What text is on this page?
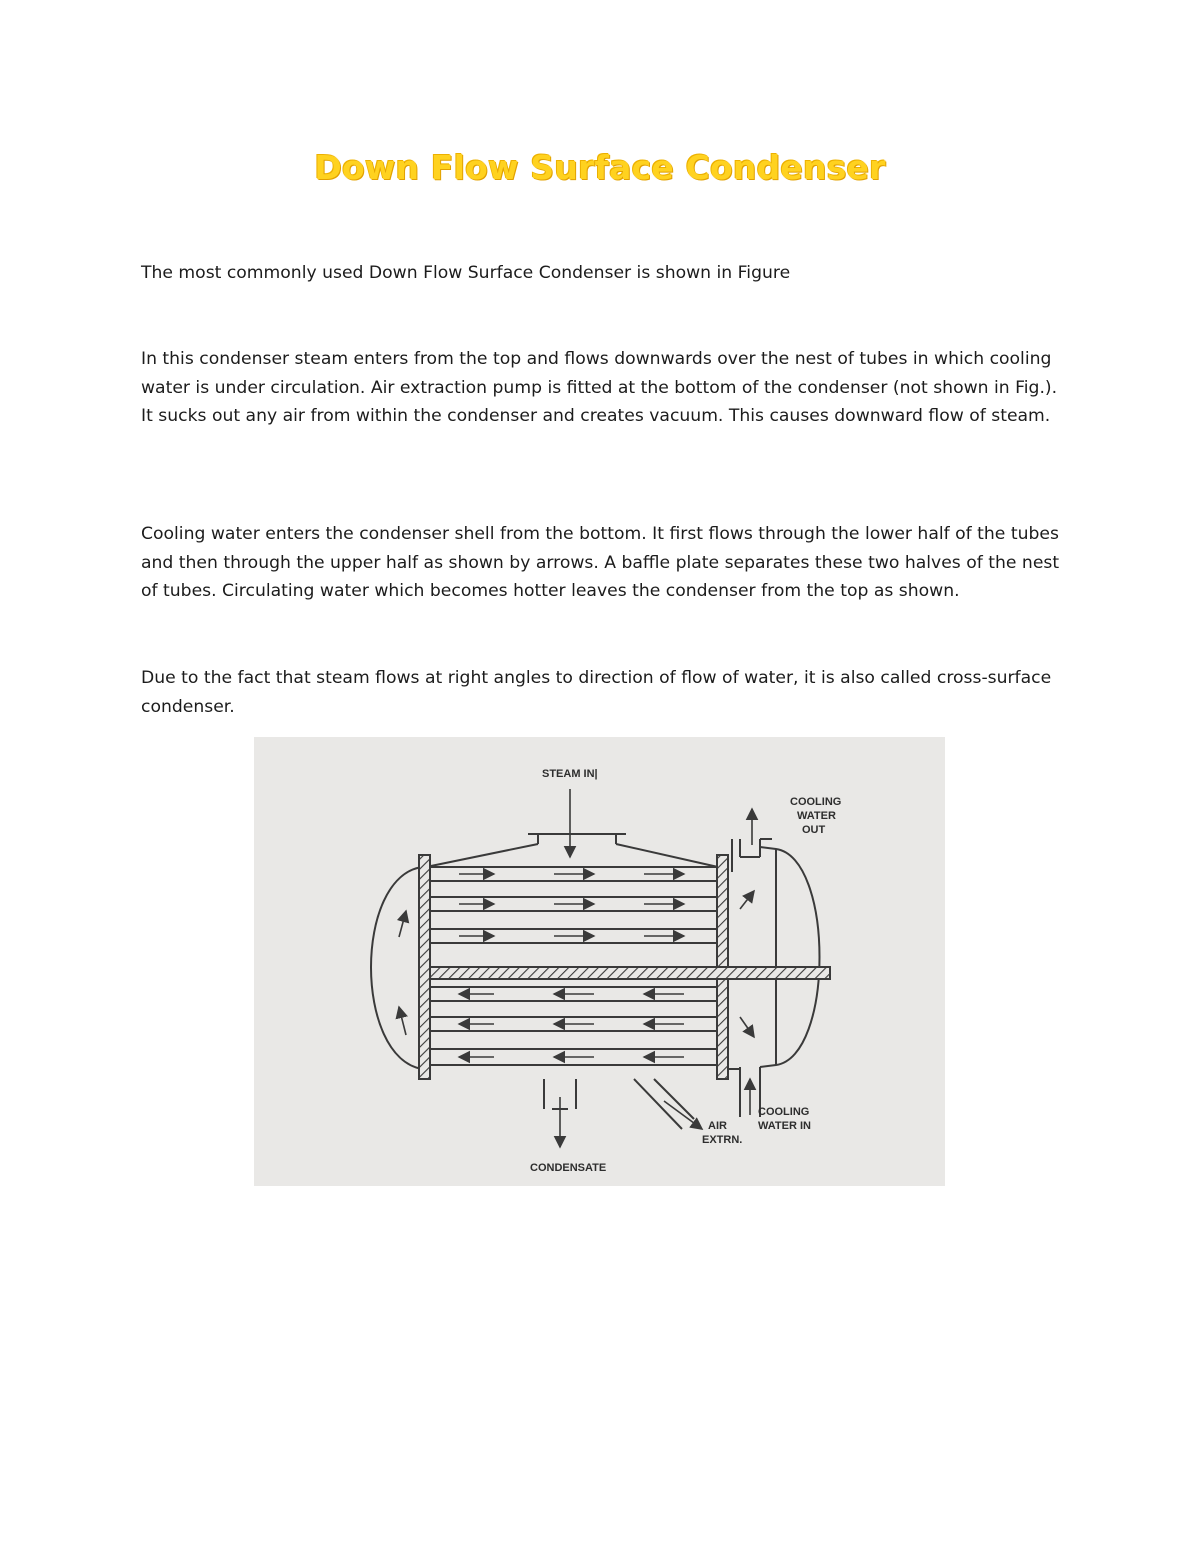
Down Flow Surface Condenser

The most commonly used Down Flow Surface Condenser is shown in Figure

In this condenser steam enters from the top and flows downwards over the nest of tubes in which cooling water is under circulation. Air extraction pump is fitted at the bottom of the condenser (not shown in Fig.). It sucks out any air from within the condenser and creates vacuum. This causes downward flow of steam.

Cooling water enters the condenser shell from the bottom. It first flows through the lower half of the tubes and then through the upper half as shown by arrows. A baffle plate separates these two halves of the nest of tubes. Circulating water which becomes hotter leaves the condenser from the top as shown.

Due to the fact that steam flows at right angles to direction of flow of water, it is also called cross-surface condenser.

STEAM IN|
COOLING
WATER
OUT
COOLING
WATER IN
AIR
EXTRN.
CONDENSATE
